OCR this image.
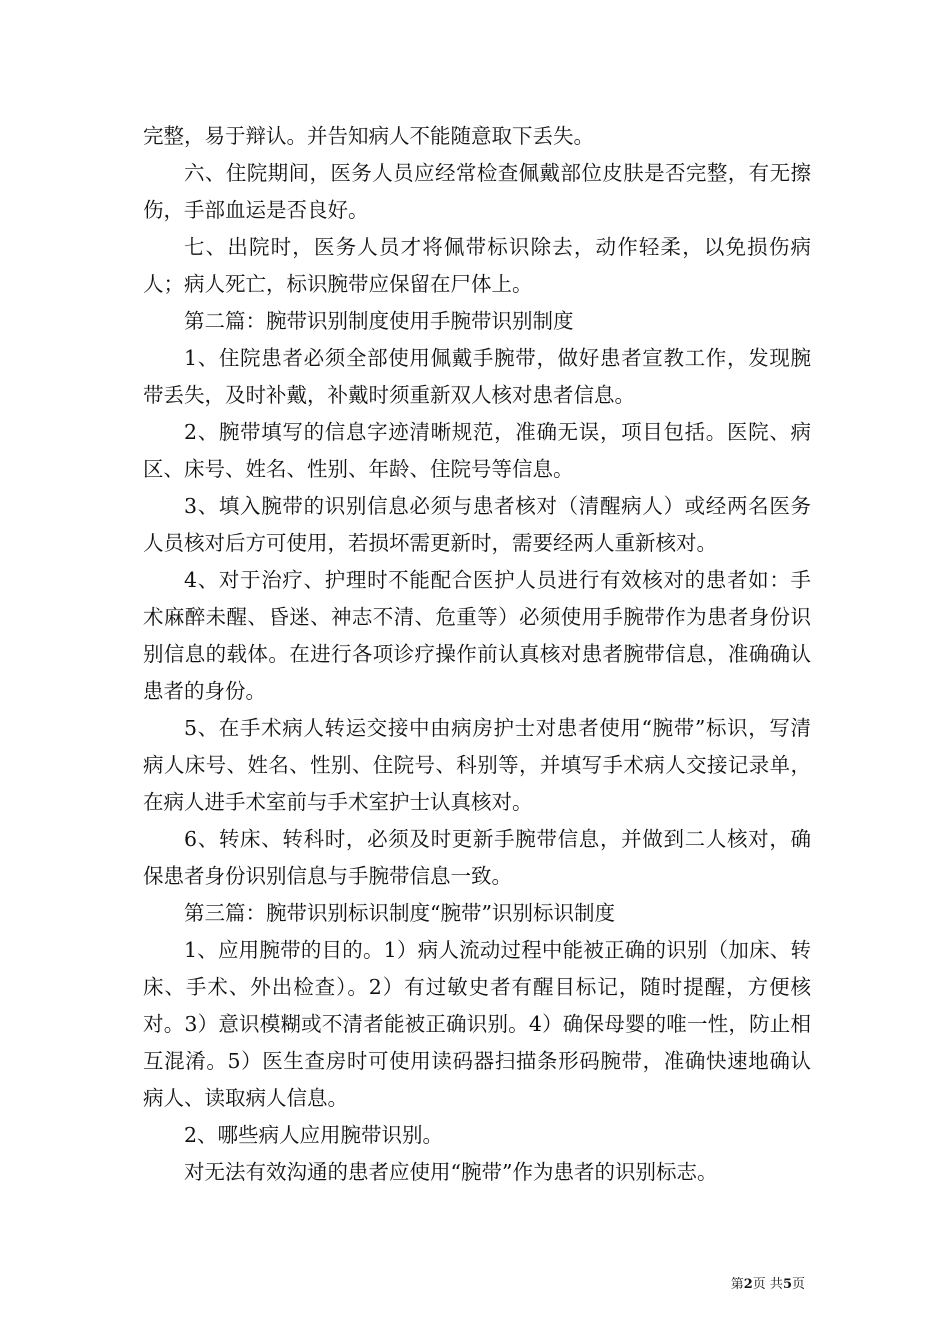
完整，易于辩认。并告知病人不能随意取下丢失。

六、住院期间，医务人员应经常检查佩戴部位皮肤是否完整，有无擦伤，手部血运是否良好。

七、出院时，医务人员才将佩带标识除去，动作轻柔，以免损伤病人；病人死亡，标识腕带应保留在尸体上。

第二篇：腕带识别制度使用手腕带识别制度

1、住院患者必须全部使用佩戴手腕带，做好患者宣教工作，发现腕带丢失，及时补戴，补戴时须重新双人核对患者信息。

2、腕带填写的信息字迹清晰规范，准确无误，项目包括。医院、病区、床号、姓名、性别、年龄、住院号等信息。

3、填入腕带的识别信息必须与患者核对（清醒病人）或经两名医务人员核对后方可使用，若损坏需更新时，需要经两人重新核对。

4、对于治疗、护理时不能配合医护人员进行有效核对的患者如：手术麻醉未醒、昏迷、神志不清、危重等）必须使用手腕带作为患者身份识别信息的载体。在进行各项诊疗操作前认真核对患者腕带信息，准确确认患者的身份。

5、在手术病人转运交接中由病房护士对患者使用“腕带”标识，写清病人床号、姓名、性别、住院号、科别等，并填写手术病人交接记录单，在病人进手术室前与手术室护士认真核对。

6、转床、转科时，必须及时更新手腕带信息，并做到二人核对，确保患者身份识别信息与手腕带信息一致。

第三篇：腕带识别标识制度“腕带”识别标识制度

1、应用腕带的目的。1）病人流动过程中能被正确的识别（加床、转床、手术、外出检查）。2）有过敏史者有醒目标记，随时提醒，方便核对。3）意识模糊或不清者能被正确识别。4）确保母婴的唯一性，防止相互混淆。5）医生查房时可使用读码器扫描条形码腕带，准确快速地确认病人、读取病人信息。

2、哪些病人应用腕带识别。

对无法有效沟通的患者应使用“腕带”作为患者的识别标志。

第2页 共5页
